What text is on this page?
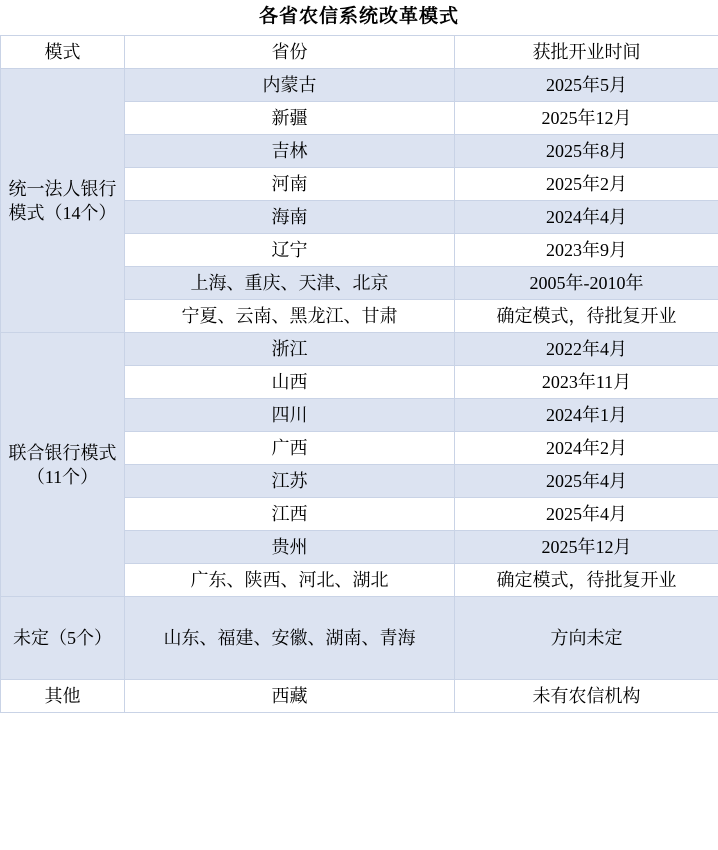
各省农信系统改革模式
模式	省份	获批开业时间
统一法人银行模式（14个）	内蒙古	2025年5月
	新疆	2025年12月
	吉林	2025年8月
	河南	2025年2月
	海南	2024年4月
	辽宁	2023年9月
	上海、重庆、天津、北京	2005年-2010年
	宁夏、云南、黑龙江、甘肃	确定模式，待批复开业
联合银行模式（11个）	浙江	2022年4月
	山西	2023年11月
	四川	2024年1月
	广西	2024年2月
	江苏	2025年4月
	江西	2025年4月
	贵州	2025年12月
	广东、陕西、河北、湖北	确定模式，待批复开业
未定（5个）	山东、福建、安徽、湖南、青海	方向未定
其他	西藏	未有农信机构
